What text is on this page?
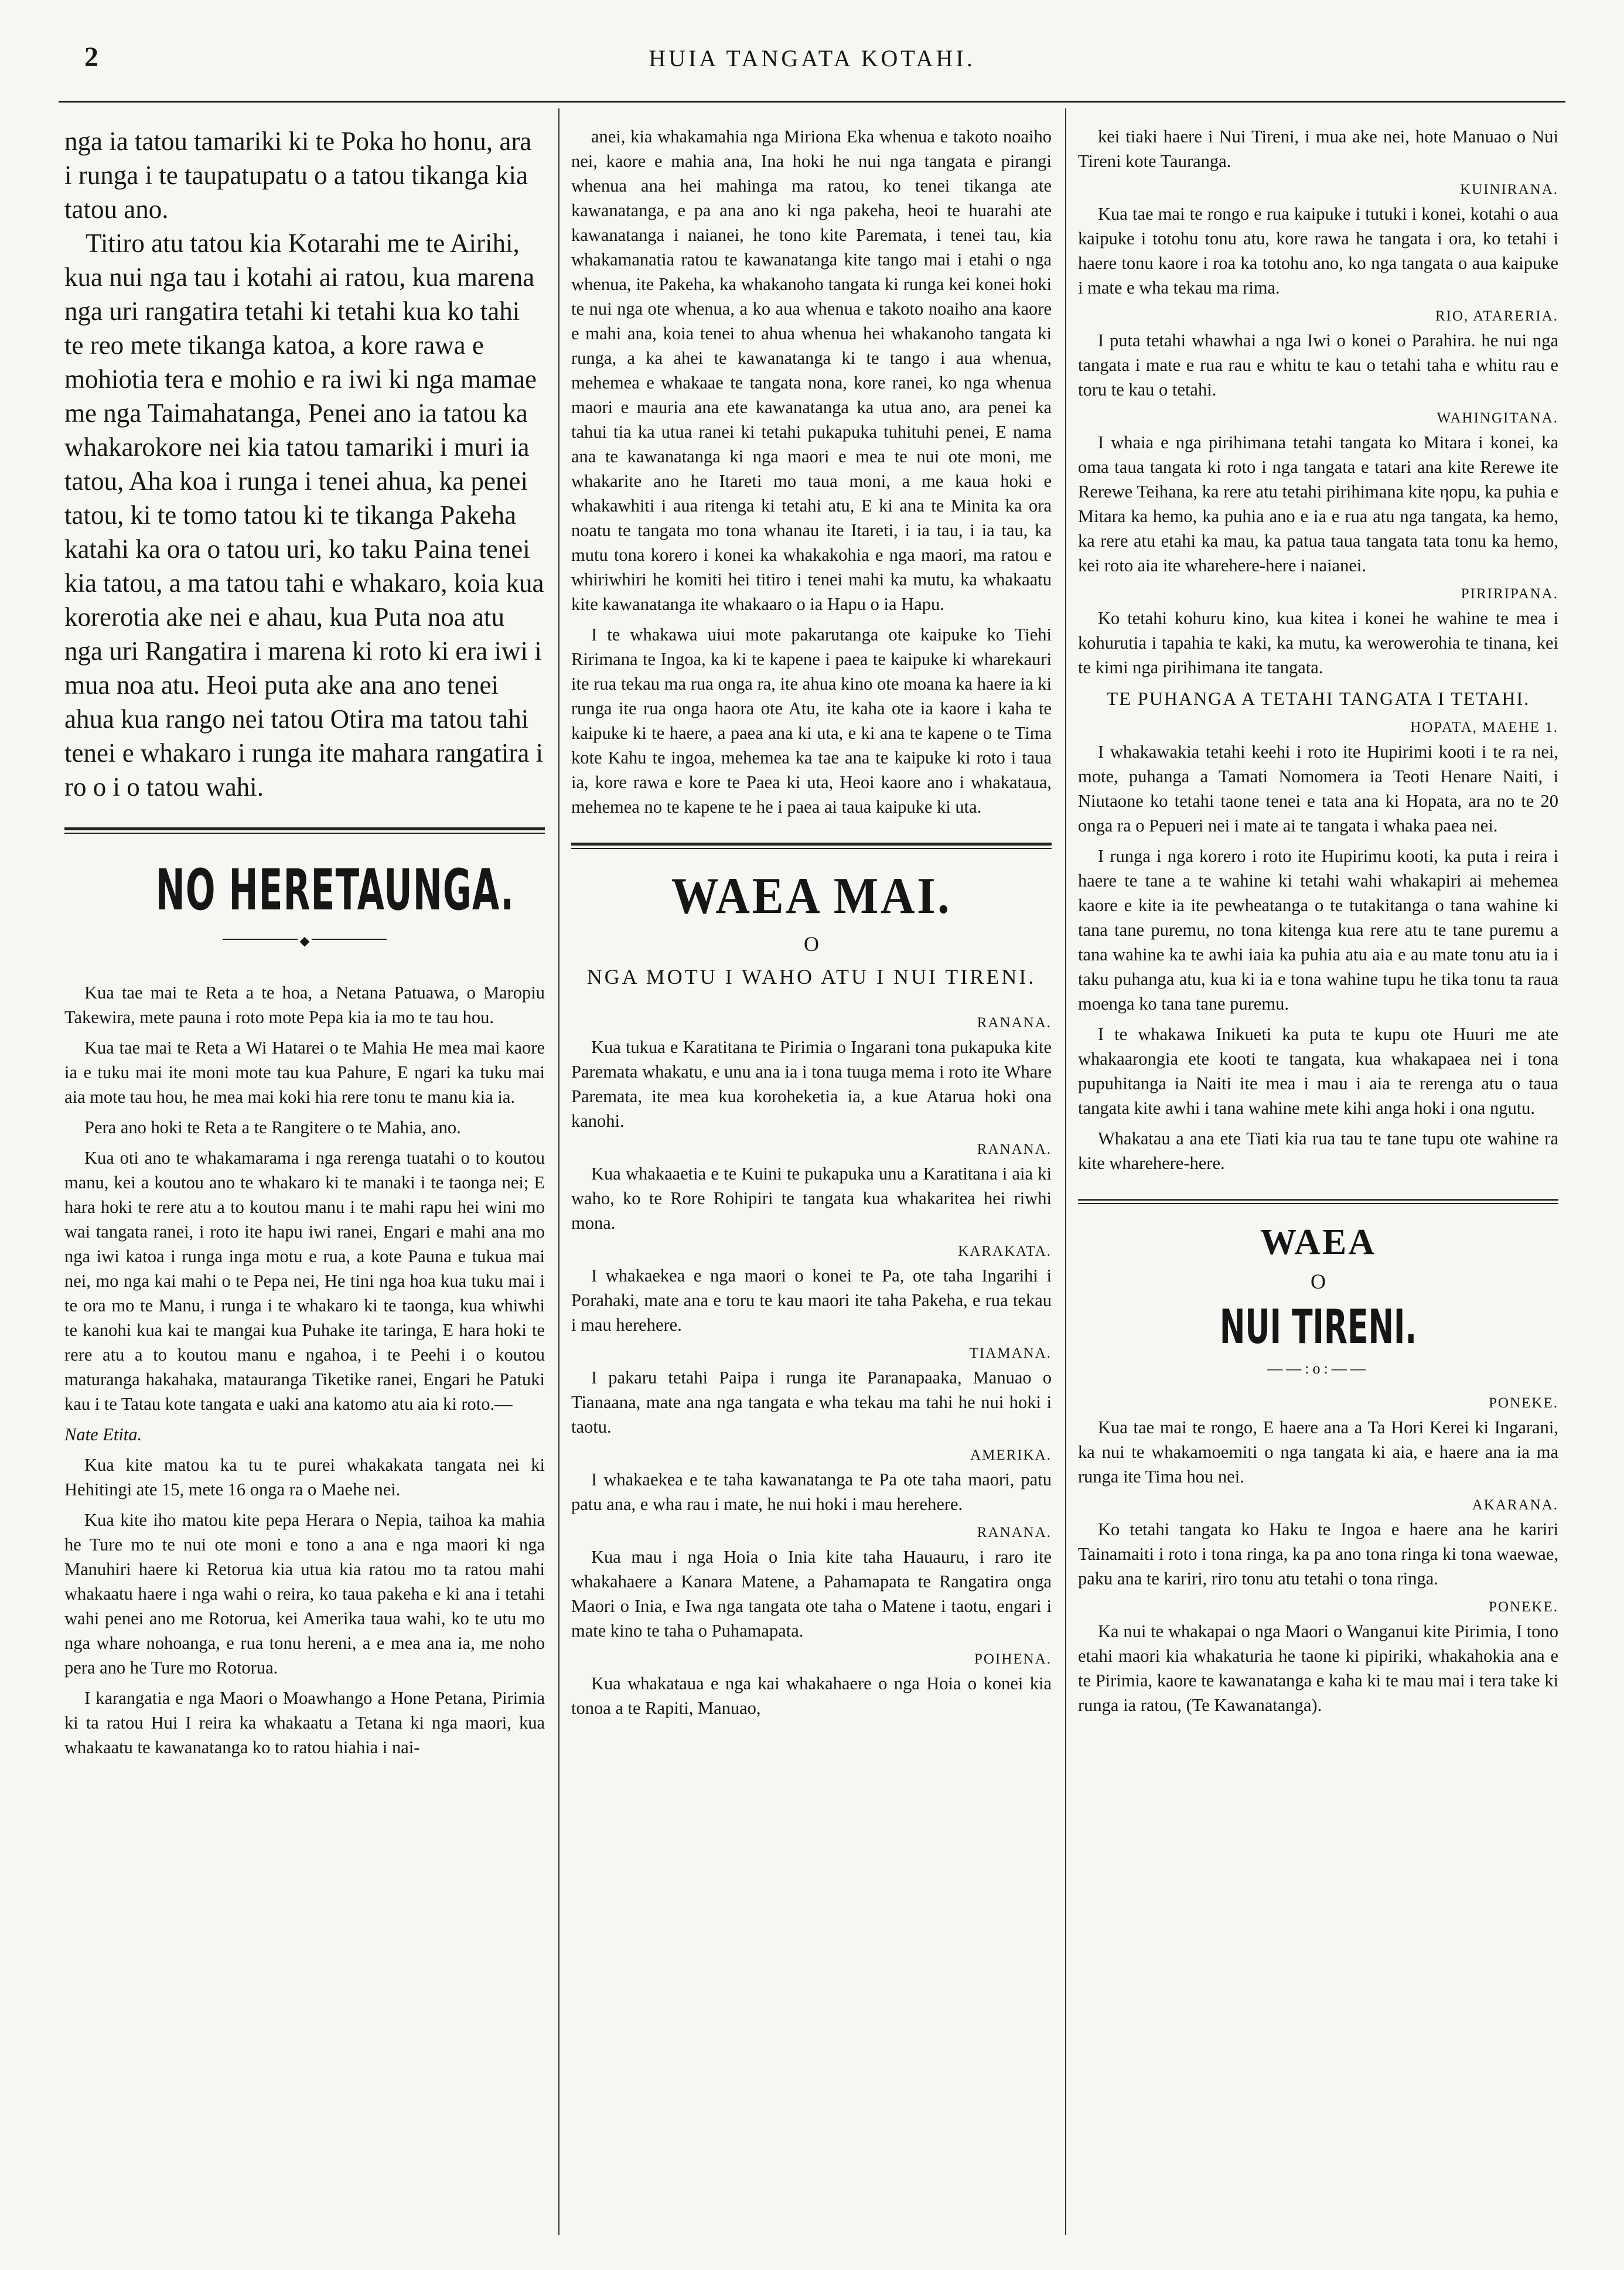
2	HUIA TANGATA KOTAHI.

nga ia tatou tamariki ki te Poka ho honu, ara i runga i te taupatupatu o a tatou tikanga kia tatou ano.

Titiro atu tatou kia Kotarahi me te Airihi, kua nui nga tau i kotahi ai ratou, kua marena nga uri rangatira tetahi ki tetahi kua ko tahi te reo mete tikanga katoa, a kore rawa e mohiotia tera e mohio e ra iwi ki nga mamae me nga Taimahatanga, Penei ano ia tatou ka whakarokore nei kia tatou tamariki i muri ia tatou, Aha koa i runga i tenei ahua, ka penei tatou, ki te tomo tatou ki te tikanga Pakeha katahi ka ora o tatou uri, ko taku Paina tenei kia tatou, a ma tatou tahi e whakaro, koia kua korerotia ake nei e ahau, kua Puta noa atu nga uri Rangatira i marena ki roto ki era iwi i mua noa atu. Heoi puta ake ana ano tenei ahua kua rango nei tatou Otira ma tatou tahi tenei e whakaro i runga ite mahara rangatira i ro o i o tatou wahi.

NO HERETAUNGA.
◆

Kua tae mai te Reta a te hoa, a Netana Patuawa, o Maropiu Takewira, mete pauna i roto mote Pepa kia ia mo te tau hou.

Kua tae mai te Reta a Wi Hatarei o te Mahia He mea mai kaore ia e tuku mai ite moni mote tau kua Pahure, E ngari ka tuku mai aia mote tau hou, he mea mai koki hia rere tonu te manu kia ia.

Pera ano hoki te Reta a te Rangitere o te Mahia, ano.

Kua oti ano te whakamarama i nga rerenga tuatahi o to koutou manu, kei a koutou ano te whakaro ki te manaki i te taonga nei; E hara hoki te rere atu a to koutou manu i te mahi rapu hei wini mo wai tangata ranei, i roto ite hapu iwi ranei, Engari e mahi ana mo nga iwi katoa i runga inga motu e rua, a kote Pauna e tukua mai nei, mo nga kai mahi o te Pepa nei, He tini nga hoa kua tuku mai i te ora mo te Manu, i runga i te whakaro ki te taonga, kua whiwhi te kanohi kua kai te mangai kua Puhake ite taringa, E hara hoki te rere atu a to koutou manu e ngahoa, i te Peehi i o koutou maturanga hakahaka, matauranga Tiketike ranei, Engari he Patuki kau i te Tatau kote tangata e uaki ana katomo atu aia ki roto.—

Nate Etita.

Kua kite matou ka tu te purei whakakata tangata nei ki Hehitingi ate 15, mete 16 onga ra o Maehe nei.

Kua kite iho matou kite pepa Herara o Nepia, taihoa ka mahia he Ture mo te nui ote moni e tono a ana e nga maori ki nga Manuhiri haere ki Retorua kia utua kia ratou mo ta ratou mahi whakaatu haere i nga wahi o reira, ko taua pakeha e ki ana i tetahi wahi penei ano me Rotorua, kei Amerika taua wahi, ko te utu mo nga whare nohoanga, e rua tonu hereni, a e mea ana ia, me noho pera ano he Ture mo Rotorua.

I karangatia e nga Maori o Moawhango a Hone Petana, Pirimia ki ta ratou Hui I reira ka whakaatu a Tetana ki nga maori, kua whakaatu te kawanatanga ko to ratou hiahia i nai-

anei, kia whakamahia nga Miriona Eka whenua e takoto noaiho nei, kaore e mahia ana, Ina hoki he nui nga tangata e pirangi whenua ana hei mahinga ma ratou, ko tenei tikanga ate kawanatanga, e pa ana ano ki nga pakeha, heoi te huarahi ate kawanatanga i naianei, he tono kite Paremata, i tenei tau, kia whakamanatia ratou te kawanatanga kite tango mai i etahi o nga whenua, ite Pakeha, ka whakanoho tangata ki runga kei konei hoki te nui nga ote whenua, a ko aua whenua e takoto noaiho ana kaore e mahi ana, koia tenei to ahua whenua hei whakanoho tangata ki runga, a ka ahei te kawanatanga ki te tango i aua whenua, mehemea e whakaae te tangata nona, kore ranei, ko nga whenua maori e mauria ana ete kawanatanga ka utua ano, ara penei ka tahui tia ka utua ranei ki tetahi pukapuka tuhituhi penei, E nama ana te kawanatanga ki nga maori e mea te nui ote moni, me whakarite ano he Itareti mo taua moni, a me kaua hoki e whakawhiti i aua ritenga ki tetahi atu, E ki ana te Minita ka ora noatu te tangata mo tona whanau ite Itareti, i ia tau, i ia tau, ka mutu tona korero i konei ka whakakohia e nga maori, ma ratou e whiriwhiri he komiti hei titiro i tenei mahi ka mutu, ka whakaatu kite kawanatanga ite whakaaro o ia Hapu o ia Hapu.

I te whakawa uiui mote pakarutanga ote kaipuke ko Tiehi Ririmana te Ingoa, ka ki te kapene i paea te kaipuke ki wharekauri ite rua tekau ma rua onga ra, ite ahua kino ote moana ka haere ia ki runga ite rua onga haora ote Atu, ite kaha ote ia kaore i kaha te kaipuke ki te haere, a paea ana ki uta, e ki ana te kapene o te Tima kote Kahu te ingoa, mehemea ka tae ana te kaipuke ki roto i taua ia, kore rawa e kore te Paea ki uta, Heoi kaore ano i whakataua, mehemea no te kapene te he i paea ai taua kaipuke ki uta.

WAEA MAI.
O
NGA MOTU I WAHO ATU I NUI TIRENI.
RANANA.

Kua tukua e Karatitana te Pirimia o Ingarani tona pukapuka kite Paremata whakatu, e unu ana ia i tona tuuga mema i roto ite Whare Paremata, ite mea kua koroheketia ia, a kue Atarua hoki ona kanohi.

RANANA.

Kua whakaaetia e te Kuini te pukapuka unu a Karatitana i aia ki waho, ko te Rore Rohipiri te tangata kua whakaritea hei riwhi mona.

KARAKATA.

I whakaekea e nga maori o konei te Pa, ote taha Ingarihi i Porahaki, mate ana e toru te kau maori ite taha Pakeha, e rua tekau i mau herehere.

TIAMANA.

I pakaru tetahi Paipa i runga ite Paranapaaka, Manuao o Tianaana, mate ana nga tangata e wha tekau ma tahi he nui hoki i taotu.

AMERIKA.

I whakaekea e te taha kawanatanga te Pa ote taha maori, patu patu ana, e wha rau i mate, he nui hoki i mau herehere.

RANANA.

Kua mau i nga Hoia o Inia kite taha Hauauru, i raro ite whakahaere a Kanara Matene, a Pahamapata te Rangatira onga Maori o Inia, e Iwa nga tangata ote taha o Matene i taotu, engari i mate kino te taha o Puhamapata.

POIHENA.

Kua whakatauа e nga kai whakahaere o nga Hoia o konei kia tonoa a te Rapiti, Manuao,

kei tiaki haere i Nui Tireni, i mua ake nei, hote Manuao o Nui Tireni kote Tauranga.

KUINIRANA.

Kua tae mai te rongo e rua kaipuke i tutuki i konei, kotahi o aua kaipuke i totohu tonu atu, kore rawa he tangata i ora, ko tetahi i haere tonu kaore i roa ka totohu ano, ko nga tangata o aua kaipuke i mate e wha tekau ma rima.

RIO, ATARERIA.

I puta tetahi whawhai a nga Iwi o konei o Parahira. he nui nga tangata i mate e rua rau e whitu te kau o tetahi taha e whitu rau e toru te kau o tetahi.

WAHINGITANA.

I whaia e nga pirihimana tetahi tangata ko Mitara i konei, ka oma taua tangata ki roto i nga tangata e tatari ana kite Rerewe ite Rerewe Teihana, ka rere atu tetahi pirihimana kite ηopu, ka puhia e Mitara ka hemo, ka puhia ano e ia e rua atu nga tangata, ka hemo, ka rere atu etahi ka mau, ka patua taua tangata tata tonu ka hemo, kei roto aia ite wharehere-here i naianei.

PIRIRIPANA.

Ko tetahi kohuru kino, kua kitea i konei he wahine te mea i kohurutia i tapahia te kaki, ka mutu, ka werowerohia te tinana, kei te kimi nga pirihimana ite tangata.

TE PUHANGA A TETAHI TANGATA I TETAHI.
HOPATA, MAEHE 1.

I whakawakia tetahi keehi i roto ite Hupirimi kooti i te ra nei, mote, puhanga a Tamati Nomomera ia Teoti Henare Naiti, i Niutaone ko tetahi taone tenei e tata ana ki Hopata, ara no te 20 onga ra o Pepueri nei i mate ai te tangata i whaka paea nei.

I runga i nga korero i roto ite Hupirimu kooti, ka puta i reira i haere te tane a te wahine ki tetahi wahi whakapiri ai mehemea kaore e kite ia ite pewheatanga o te tutakitanga o tana wahine ki tana tane puremu, no tona kitenga kua rere atu te tane puremu a tana wahine ka te awhi iaia ka puhia atu aia e au mate tonu atu ia i taku puhanga atu, kua ki ia e tona wahine tupu he tika tonu ta raua moenga ko tana tane puremu.

I te whakawa Inikueti ka puta te kupu ote Huuri me ate whakaarongia ete kooti te tangata, kua whakapaea nei i tona pupuhitanga ia Naiti ite mea i mau i aia te rerenga atu o taua tangata kite awhi i tana wahine mete kihi anga hoki i ona ngutu.

Whakatau a ana ete Tiati kia rua tau te tane tupu ote wahine ra kite wharehere-here.

WAEA
O
NUI TIRENI.
——:o:——
PONEKE.

Kua tae mai te rongo, E haere ana a Ta Hori Kerei ki Ingarani, ka nui te whakamoemiti o nga tangata ki aia, e haere ana ia ma runga ite Tima hou nei.

AKARANA.

Ko tetahi tangata ko Haku te Ingoa e haere ana he kariri Tainamaiti i roto i tona ringa, ka pa ano tona ringa ki tona waewae, paku ana te kariri, riro tonu atu tetahi o tona ringa.

PONEKE.

Ka nui te whakapai o nga Maori o Wanganui kite Pirimia, I tono etahi maori kia whakaturia he taone ki pipiriki, whakahokia ana e te Pirimia, kaore te kawanatanga e kaha ki te mau mai i tera take ki runga ia ratou, (Te Kawanatanga).
